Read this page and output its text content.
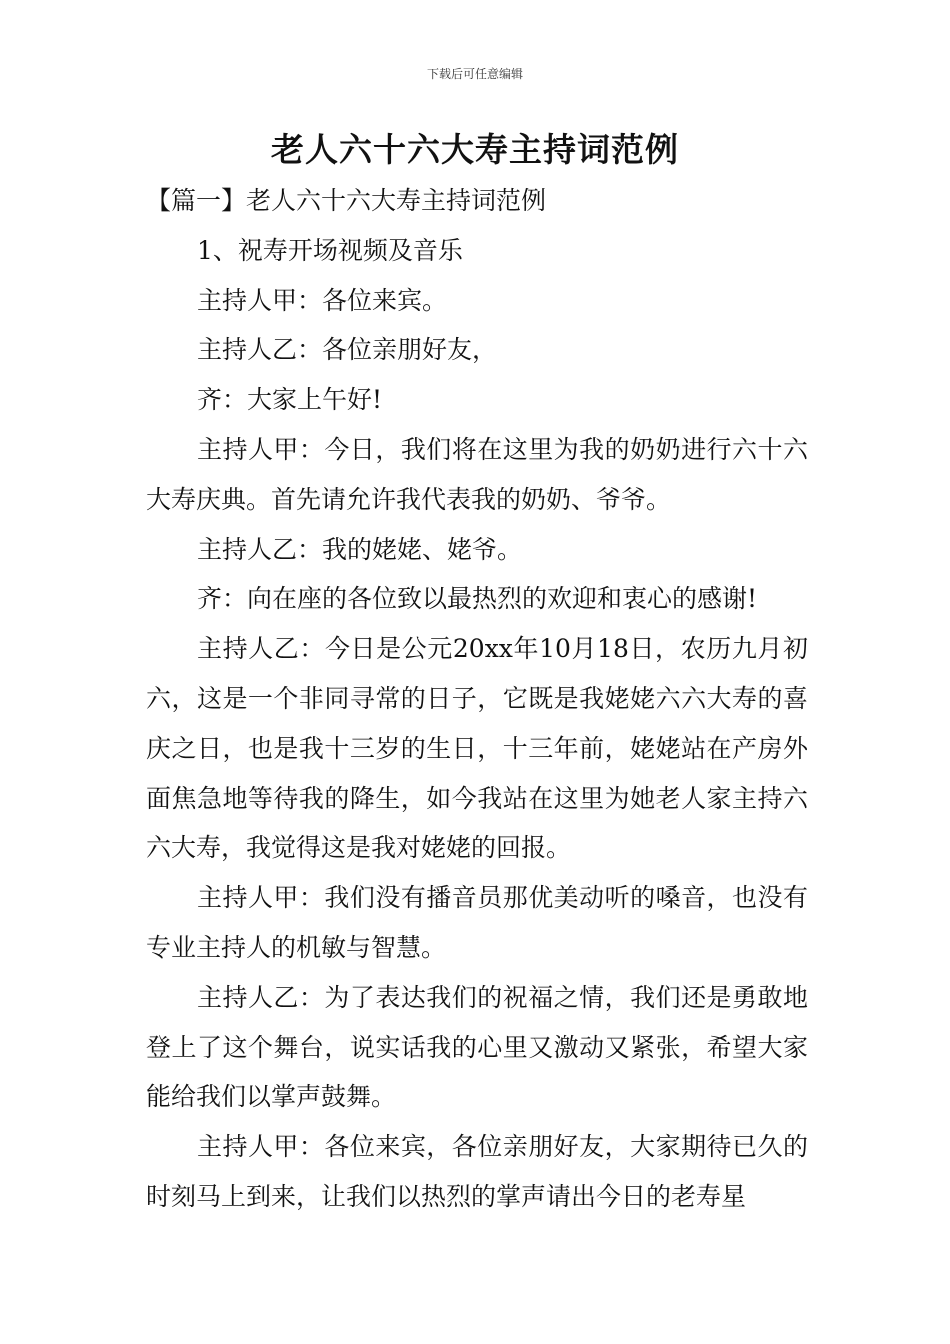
下载后可任意编辑
老人六十六大寿主持词范例

【篇一】老人六十六大寿主持词范例

1、祝寿开场视频及音乐

主持人甲：各位来宾。

主持人乙：各位亲朋好友，

齐：大家上午好!

主持人甲：今日，我们将在这里为我的奶奶进行六十六大寿庆典。首先请允许我代表我的奶奶、爷爷。

主持人乙：我的姥姥、姥爷。

齐：向在座的各位致以最热烈的欢迎和衷心的感谢!

主持人乙：今日是公元20xx年10月18日，农历九月初六，这是一个非同寻常的日子，它既是我姥姥六六大寿的喜庆之日，也是我十三岁的生日，十三年前，姥姥站在产房外面焦急地等待我的降生，如今我站在这里为她老人家主持六六大寿，我觉得这是我对姥姥的回报。

主持人甲：我们没有播音员那优美动听的嗓音，也没有专业主持人的机敏与智慧。

主持人乙：为了表达我们的祝福之情，我们还是勇敢地登上了这个舞台，说实话我的心里又激动又紧张，希望大家能给我们以掌声鼓舞。

主持人甲：各位来宾，各位亲朋好友，大家期待已久的时刻马上到来，让我们以热烈的掌声请出今日的老寿星
